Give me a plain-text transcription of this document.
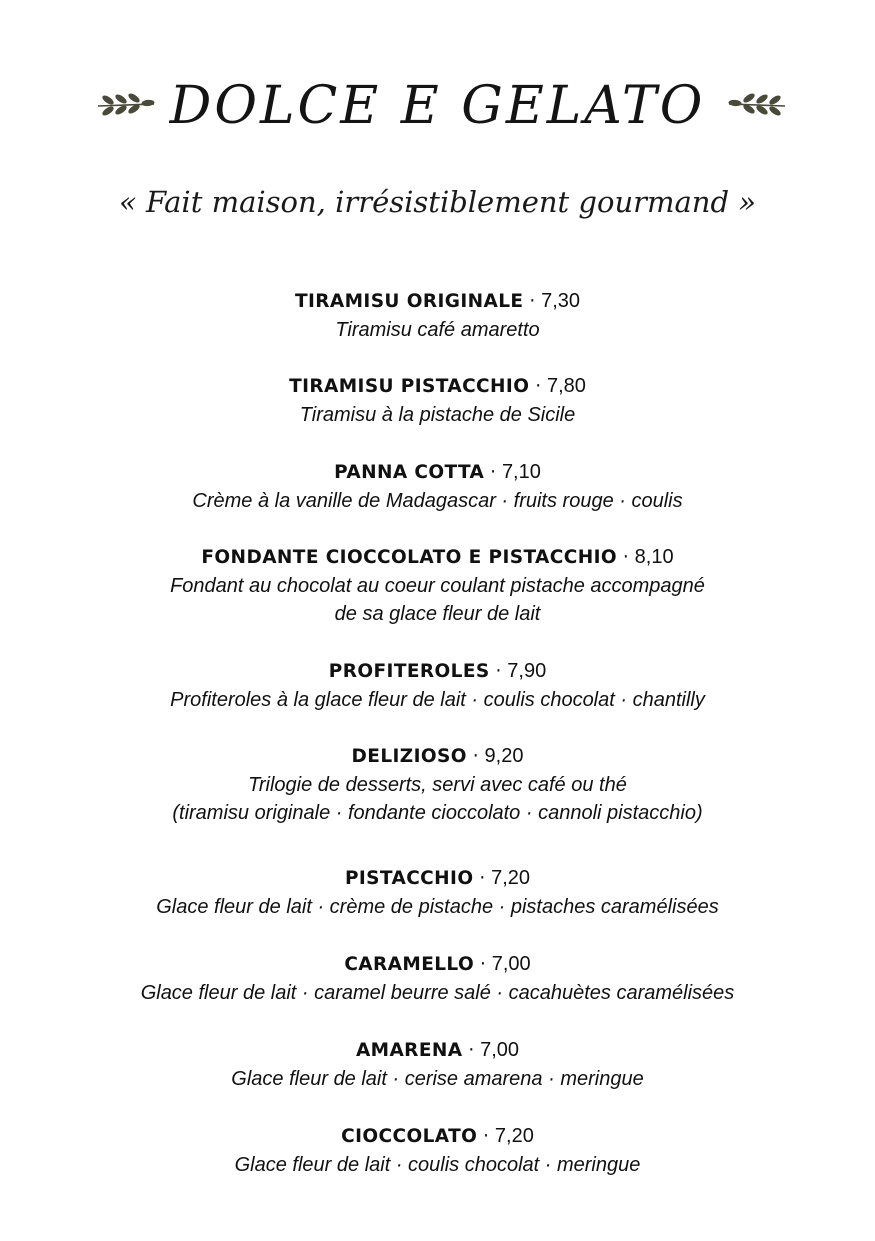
DOLCE E GELATO
« Fait maison, irrésistiblement gourmand »
TIRAMISU ORIGINALE · 7,30
Tiramisu café amaretto
TIRAMISU PISTACCHIO · 7,80
Tiramisu à la pistache de Sicile
PANNA COTTA · 7,10
Crème à la vanille de Madagascar · fruits rouge · coulis
FONDANTE CIOCCOLATO E PISTACCHIO · 8,10
Fondant au chocolat au coeur coulant pistache accompagné
de sa glace fleur de lait
PROFITEROLES · 7,90
Profiteroles à la glace fleur de lait · coulis chocolat · chantilly
DELIZIOSO · 9,20
Trilogie de desserts, servi avec café ou thé
(tiramisu originale · fondante cioccolato · cannoli pistacchio)
PISTACCHIO · 7,20
Glace fleur de lait · crème de pistache · pistaches caramélisées
CARAMELLO · 7,00
Glace fleur de lait · caramel beurre salé · cacahuètes caramélisées
AMARENA · 7,00
Glace fleur de lait · cerise amarena · meringue
CIOCCOLATO · 7,20
Glace fleur de lait · coulis chocolat · meringue
